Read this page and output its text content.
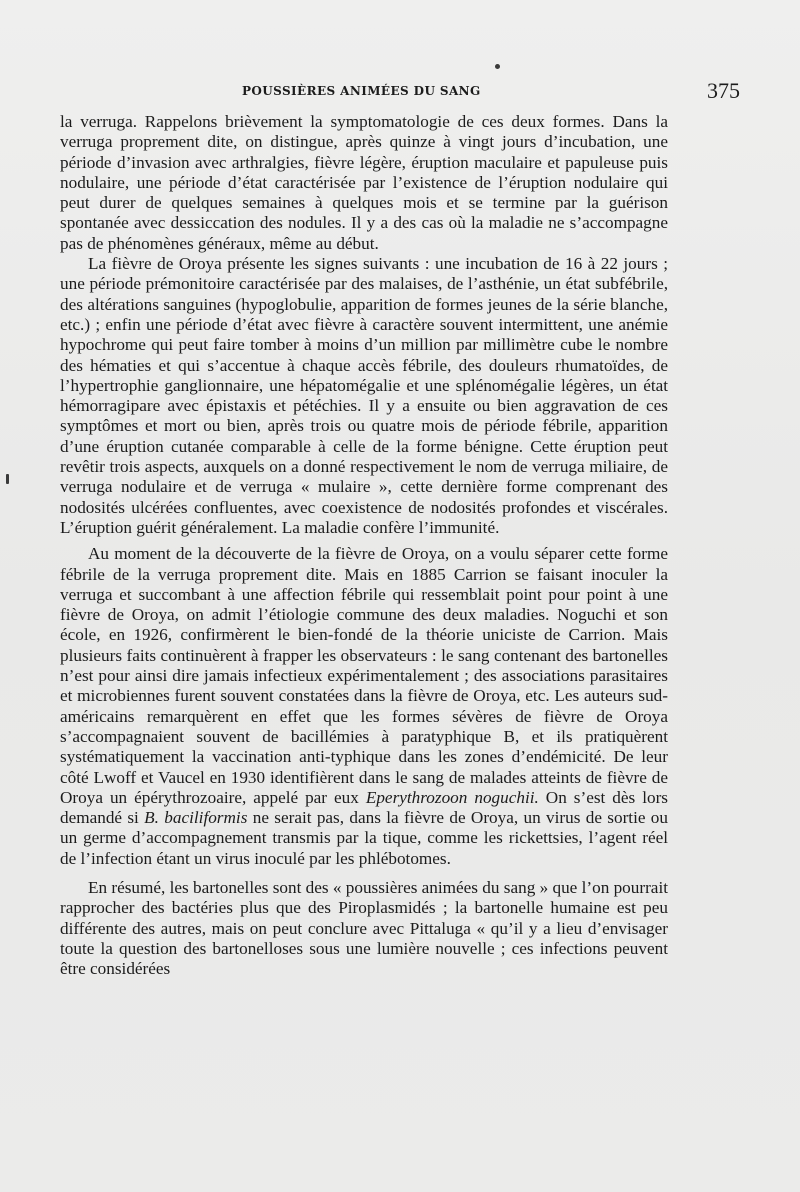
POUSSIÈRES ANIMÉES DU SANG	375

la verruga. Rappelons brièvement la symptomatologie de ces deux formes. Dans la verruga proprement dite, on distingue, après quinze à vingt jours d’incubation, une période d’invasion avec arthralgies, fièvre légère, éruption maculaire et papuleuse puis nodulaire, une période d’état caractérisée par l’existence de l’éruption nodulaire qui peut durer de quelques semaines à quelques mois et se termine par la guérison spontanée avec dessiccation des nodules. Il y a des cas où la maladie ne s’accompagne pas de phénomènes généraux, même au début.

La fièvre de Oroya présente les signes suivants : une incubation de 16 à 22 jours ; une période prémonitoire caractérisée par des malaises, de l’asthénie, un état subfébrile, des altérations sanguines (hypoglobulie, apparition de formes jeunes de la série blanche, etc.) ; enfin une période d’état avec fièvre à caractère souvent intermittent, une anémie hypochrome qui peut faire tomber à moins d’un million par millimètre cube le nombre des hématies et qui s’accentue à chaque accès fébrile, des douleurs rhumatoïdes, de l’hypertrophie ganglionnaire, une hépatomégalie et une splénomégalie légères, un état hémorragipare avec épistaxis et pétéchies. Il y a ensuite ou bien aggravation de ces symptômes et mort ou bien, après trois ou quatre mois de période fébrile, apparition d’une éruption cutanée comparable à celle de la forme bénigne. Cette éruption peut revêtir trois aspects, auxquels on a donné respectivement le nom de verruga miliaire, de verruga nodulaire et de verruga « mulaire », cette dernière forme comprenant des nodosités ulcérées confluentes, avec coexistence de nodosités profondes et viscérales. L’éruption guérit généralement. La maladie confère l’immunité.

Au moment de la découverte de la fièvre de Oroya, on a voulu séparer cette forme fébrile de la verruga proprement dite. Mais en 1885 Carrion se faisant inoculer la verruga et succombant à une affection fébrile qui ressemblait point pour point à une fièvre de Oroya, on admit l’étiologie commune des deux maladies. Noguchi et son école, en 1926, confirmèrent le bien-fondé de la théorie uniciste de Carrion. Mais plusieurs faits continuèrent à frapper les observateurs : le sang contenant des bartonelles n’est pour ainsi dire jamais infectieux expérimentalement ; des associations parasitaires et microbiennes furent souvent constatées dans la fièvre de Oroya, etc. Les auteurs sud-américains remarquèrent en effet que les formes sévères de fièvre de Oroya s’accompagnaient souvent de bacillémies à paratyphique B, et ils pratiquèrent systématiquement la vaccination anti-typhique dans les zones d’endémicité. De leur côté Lwoff et Vaucel en 1930 identifièrent dans le sang de malades atteints de fièvre de Oroya un épérythrozoaire, appelé par eux Eperythrozoon noguchii. On s’est dès lors demandé si B. baciliformis ne serait pas, dans la fièvre de Oroya, un virus de sortie ou un germe d’accompagnement transmis par la tique, comme les rickettsies, l’agent réel de l’infection étant un virus inoculé par les phlébotomes.

En résumé, les bartonelles sont des « poussières animées du sang » que l’on pourrait rapprocher des bactéries plus que des Piroplasmidés ; la bartonelle humaine est peu différente des autres, mais on peut conclure avec Pittaluga « qu’il y a lieu d’envisager toute la question des bartonelloses sous une lumière nouvelle ; ces infections peuvent être considérées
